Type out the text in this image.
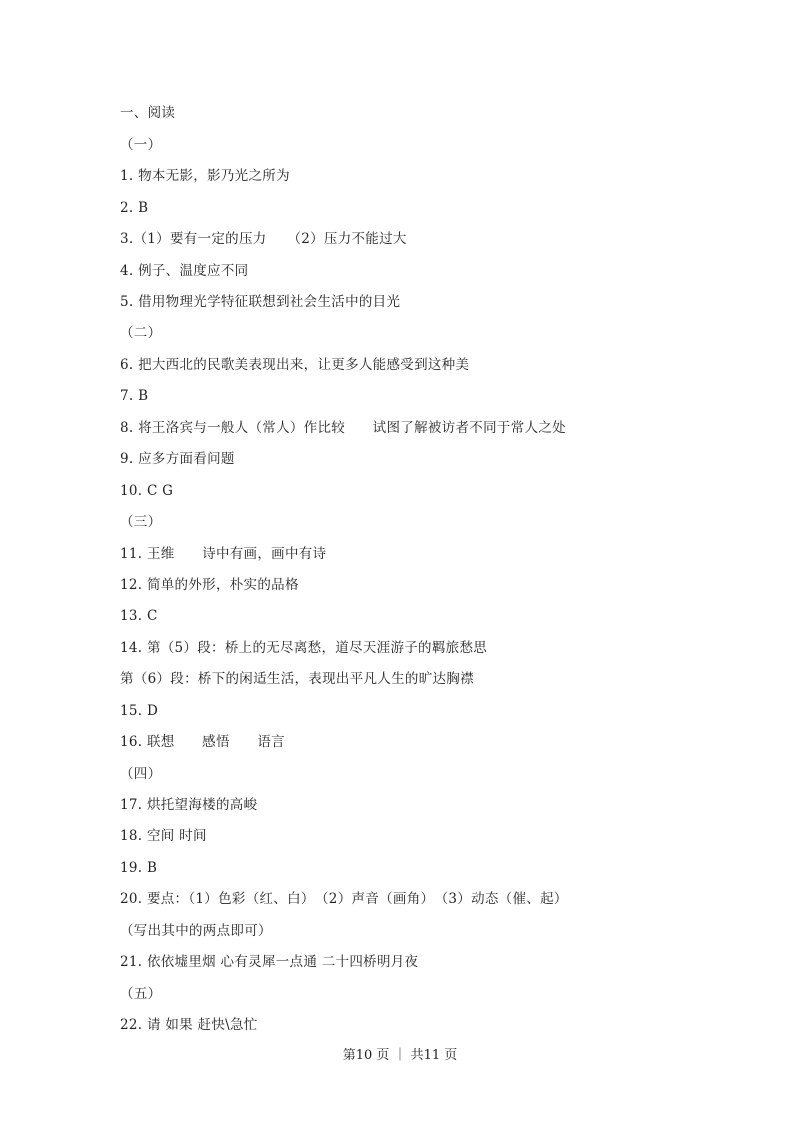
一、阅读
（一）
1. 物本无影，影乃光之所为
2. B
3.（1）要有一定的压力　　（2）压力不能过大
4. 例子、温度应不同
5. 借用物理光学特征联想到社会生活中的目光
（二）
6. 把大西北的民歌美表现出来，让更多人能感受到这种美
7. B
8. 将王洛宾与一般人（常人）作比较　　试图了解被访者不同于常人之处
9. 应多方面看问题
10. C G
（三）
11. 王维　　诗中有画，画中有诗
12. 简单的外形，朴实的品格
13. C
14. 第（5）段：桥上的无尽离愁，道尽天涯游子的羁旅愁思
第（6）段：桥下的闲适生活，表现出平凡人生的旷达胸襟
15. D
16. 联想　　感悟　　语言
（四）
17. 烘托望海楼的高峻
18. 空间 时间
19. B
20. 要点：（1）色彩（红、白）　（2）声音（画角）　（3）动态（催、起）
（写出其中的两点即可）
21. 依依墟里烟 心有灵犀一点通 二十四桥明月夜
（五）
22. 请 如果 赶快\急忙
第10 页 ｜ 共11 页
